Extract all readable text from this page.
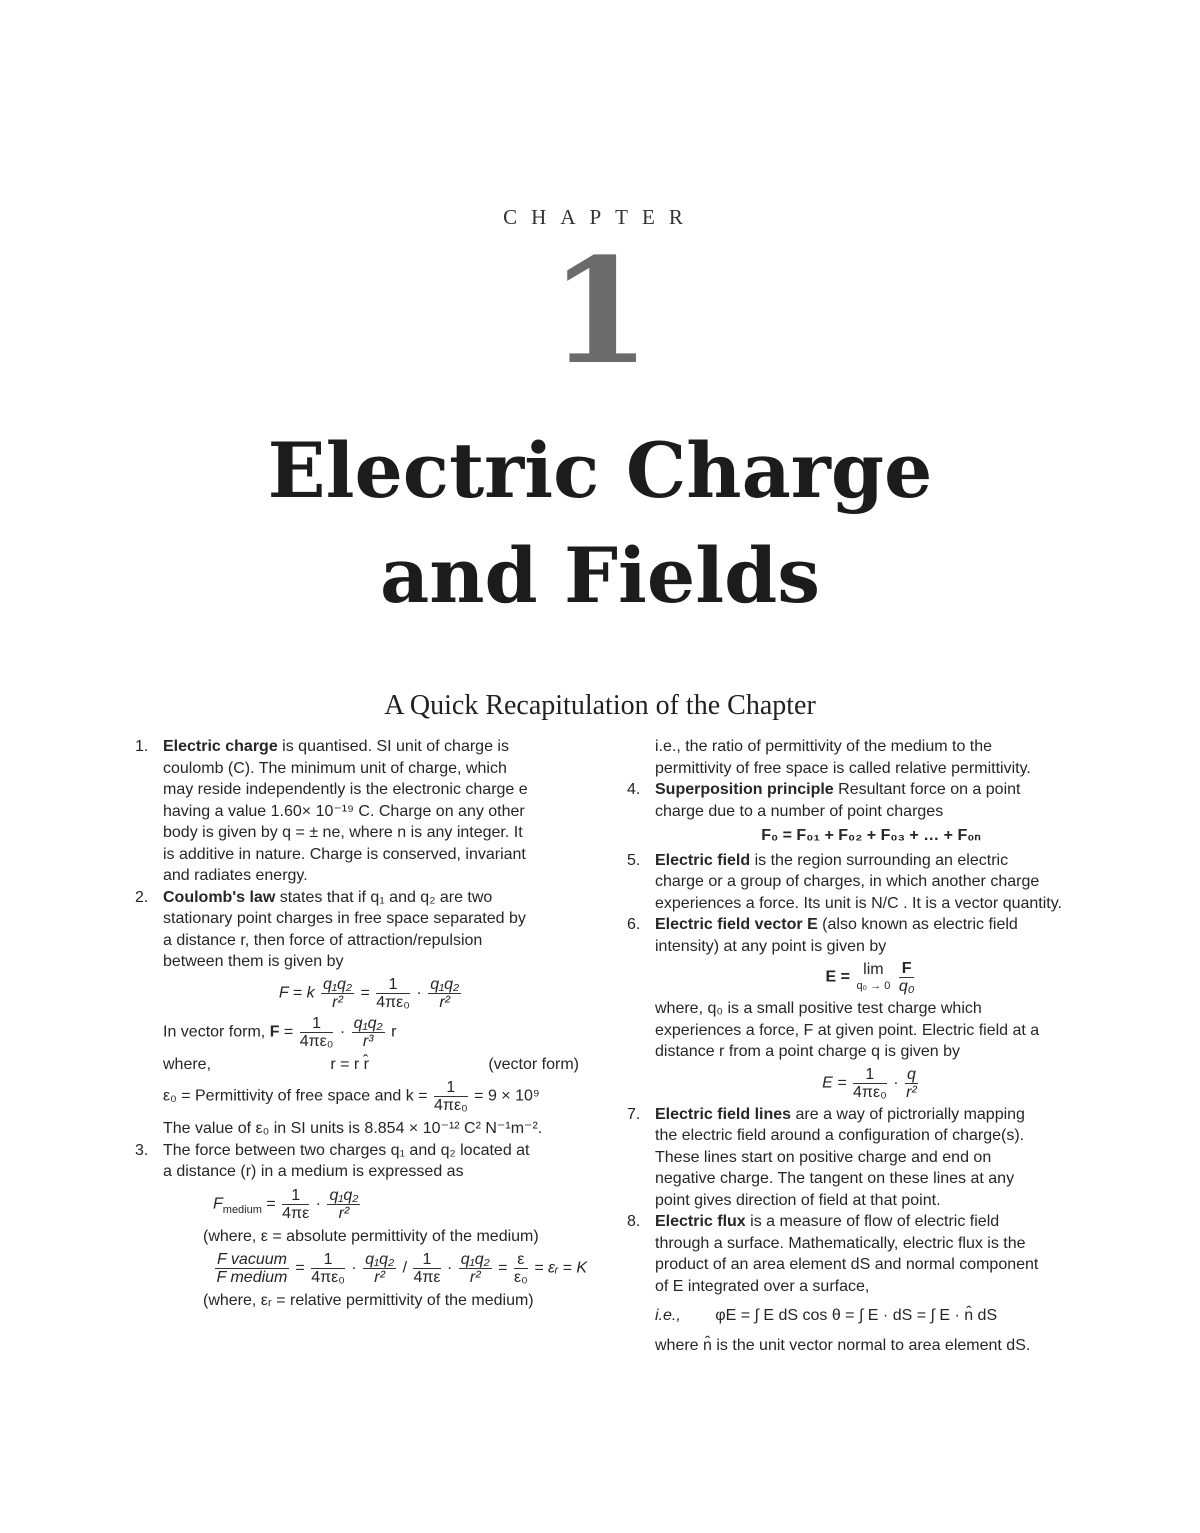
CHAPTER
1
Electric Charge
and Fields
A Quick Recapitulation of the Chapter
1. Electric charge is quantised. SI unit of charge is

coulomb (C). The minimum unit of charge, which

may reside independently is the electronic charge e

having a value 1.60× 10⁻¹⁹ C. Charge on any other

body is given by q = ± ne, where n is any integer. It

is additive in nature. Charge is conserved, invariant

and radiates energy.

2. Coulomb's law states that if q₁ and q₂ are two

stationary point charges in free space separated by

a distance r, then force of attraction/repulsion

between them is given by

F = k $\frac{\text{q₁q₂}}{\text{r²}} = \frac{1}{\text{4πε₀}} \cdot \frac{\text{q₁q₂}}{\text{r²}}$
In vector form, $F = \frac{1}{\text{4πε₀}} \cdot \frac{\text{q₁q₂}}{\text{r³}}$ r
where,	r = r r̂	(vector form)
ε₀ = Permittivity of free space and $k = \frac{1}{\text{4πε₀}} = 9 \times 10^9$

The value of ε₀ in SI units is 8.854 × 10⁻¹² C² N⁻¹m⁻².

3. The force between two charges q₁ and q₂ located at

a distance (r) in a medium is expressed as

$F_{medium} = \frac{1}{4\pi\varepsilon} \cdot \frac{\text{q₁q₂}}{\text{r²}}$

(where, ε = absolute permittivity of the medium)

$\frac{\text{F vacuum}}{\text{F medium}} = \frac{1}{\text{4πε₀}} \cdot \frac{\text{q₁q₂}}{\text{r²}} / \frac{1}{4\pi\varepsilon} \cdot \frac{\text{q₁q₂}}{\text{r²}} = \frac{\varepsilon}{\text{ε₀}}$ = εᵣ = K

(where, εᵣ = relative permittivity of the medium)

i.e., the ratio of permittivity of the medium to the

permittivity of free space is called relative permittivity.

4. Superposition principle Resultant force on a point

charge due to a number of point charges

F₀ = F₀₁ + F₀₂ + F₀₃ + … + F₀ₙ
5. Electric field is the region surrounding an electric

charge or a group of charges, in which another charge

experiences a force. Its unit is N/C . It is a vector quantity.

6. Electric field vector E (also known as electric field

intensity) at any point is given by

E = lim
q₀ → 0
$\frac{F}{\text{q₀}}$

where, q₀ is a small positive test charge which

experiences a force, F at given point. Electric field at a

distance r from a point charge q is given by

$E = \frac{1}{\text{4πε₀}} \cdot \frac{q}{\text{r²}}$
7. Electric field lines are a way of pictrorially mapping

the electric field around a configuration of charge(s).

These lines start on positive charge and end on

negative charge. The tangent on these lines at any

point gives direction of field at that point.

8. Electric flux is a measure of flow of electric field

through a surface. Mathematically, electric flux is the

product of an area element dS and normal component

of E integrated over a surface,

i.e., φE = ∫ E dS cos θ = ∫ E · dS = ∫ E · n̂ dS

where n̂ is the unit vector normal to area element dS.
